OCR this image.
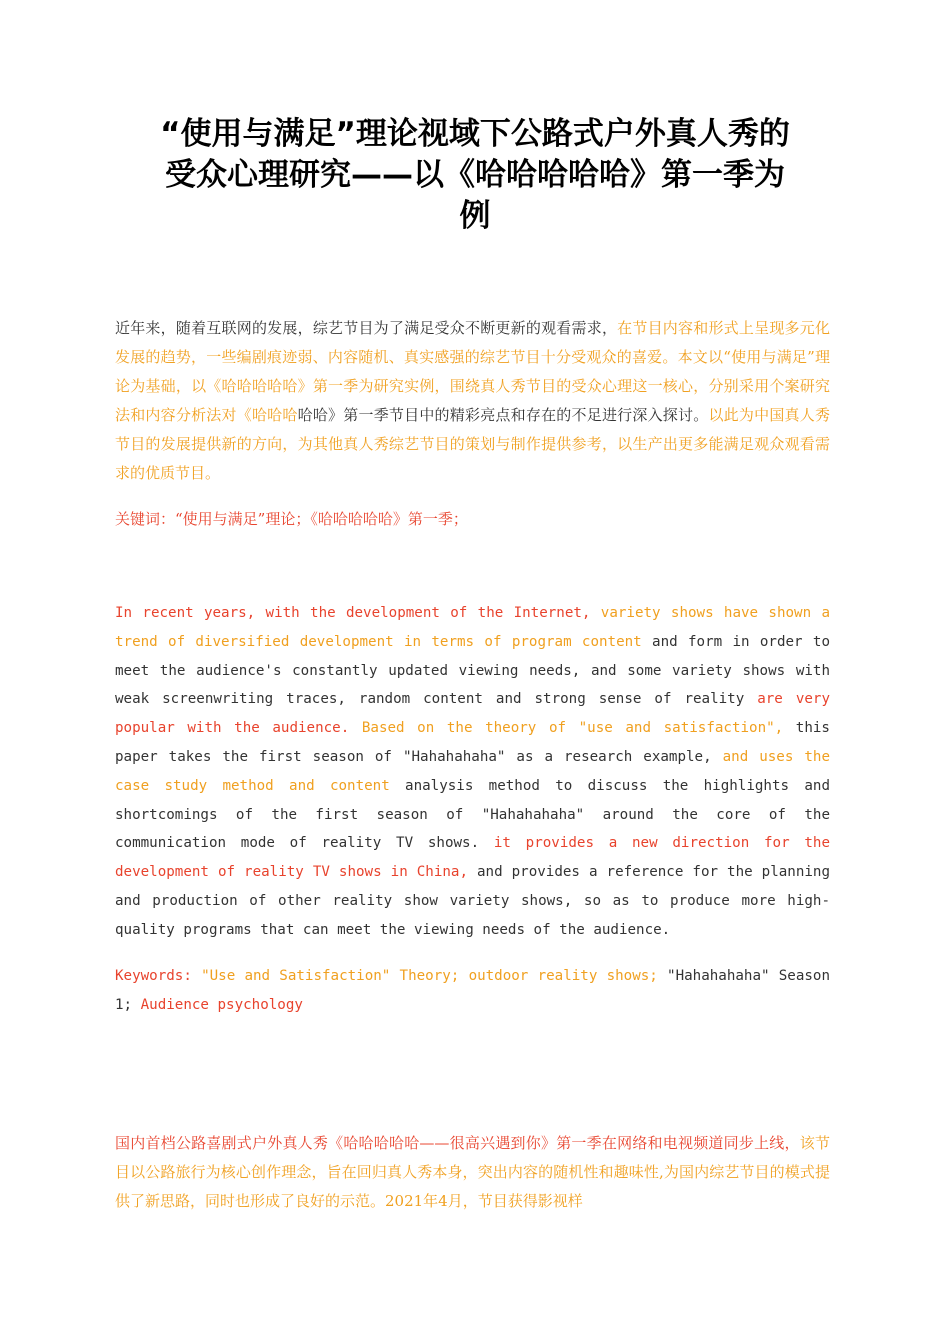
“使用与满足”理论视域下公路式户外真人秀的
受众心理研究——以《哈哈哈哈哈》第一季为
例

近年来，随着互联网的发展，综艺节目为了满足受众不断更新的观看需求，在节目内容和形式上呈现多元化发展的趋势，一些编剧痕迹弱、内容随机、真实感强的综艺节目十分受观众的喜爱。本文以“使用与满足”理论为基础，以《哈哈哈哈哈》第一季为研究实例，围绕真人秀节目的受众心理这一核心，分别采用个案研究法和内容分析法对《哈哈哈哈哈》第一季节目中的精彩亮点和存在的不足进行深入探讨。以此为中国真人秀节目的发展提供新的方向，为其他真人秀综艺节目的策划与制作提供参考，以生产出更多能满足观众观看需求的优质节目。

关键词：“使用与满足”理论；《哈哈哈哈哈》第一季；

In recent years, with the development of the Internet, variety shows have shown a trend of diversified development in terms of program content and form in order to meet the audience's constantly updated viewing needs, and some variety shows with weak screenwriting traces, random content and strong sense of reality are very popular with the audience. Based on the theory of "use and satisfaction", this paper takes the first season of "Hahahahaha" as a research example, and uses the case study method and content analysis method to discuss the highlights and shortcomings of the first season of "Hahahahaha" around the core of the communication mode of reality TV shows. it provides a new direction for the development of reality TV shows in China, and provides a reference for the planning and production of other reality show variety shows, so as to produce more high-quality programs that can meet the viewing needs of the audience.

Keywords: "Use and Satisfaction" Theory; outdoor reality shows; "Hahahahaha" Season 1; Audience psychology

国内首档公路喜剧式户外真人秀《哈哈哈哈哈——很高兴遇到你》第一季在网络和电视频道同步上线，该节目以公路旅行为核心创作理念，旨在回归真人秀本身，突出内容的随机性和趣味性,为国内综艺节目的模式提供了新思路，同时也形成了良好的示范。2021年4月，节目获得影视样
